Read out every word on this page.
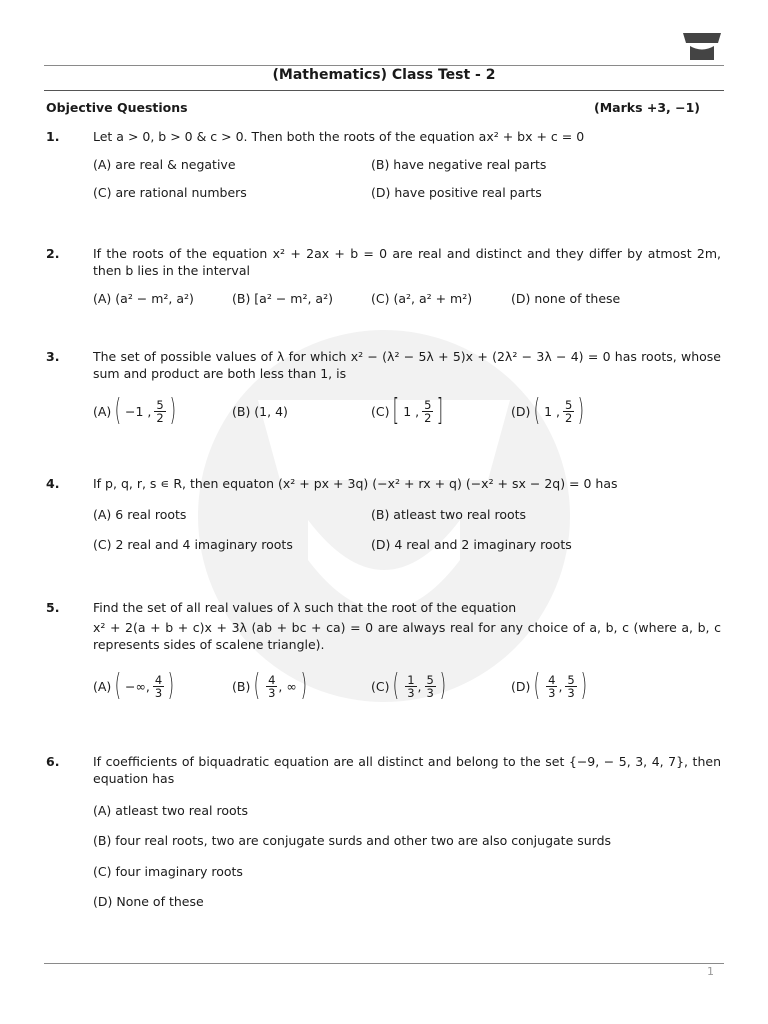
(Mathematics) Class Test - 2
Objective Questions	(Marks +3, −1)
1.	Let a > 0, b > 0 & c > 0. Then both the roots of the equation ax² + bx + c = 0
(A) are real & negative	(B) have negative real parts
(C) are rational numbers	(D) have positive real parts
2.	If the roots of the equation x² + 2ax + b = 0 are real and distinct and they differ by atmost 2m, then b lies in the interval
(A) (a² − m², a²)	(B) [a² − m², a²)	(C) (a², a² + m²)	(D) none of these
3.	The set of possible values of λ for which x² − (λ² − 5λ + 5)x + (2λ² − 3λ − 4) = 0 has roots, whose sum and product are both less than 1, is
(A) ( −1 , $\frac{5}{2}$ )	(B) (1, 4)	(C) [ 1 , $\frac{5}{2}$ ]	(D) ( 1 , $\frac{5}{2}$ )
4.	If p, q, r, s ∊ R, then equaton (x² + px + 3q) (−x² + rx + q) (−x² + sx − 2q) = 0 has
(A) 6 real roots	(B) atleast two real roots
(C) 2 real and 4 imaginary roots	(D) 4 real and 2 imaginary roots
5.	Find the set of all real values of λ such that the root of the equation
x² + 2(a + b + c)x + 3λ (ab + bc + ca) = 0 are always real for any choice of a, b, c (where a, b, c represents sides of scalene triangle).
(A) ( −∞, $\frac{4}{3}$ )	(B) ( $\frac{4}{3}$ , ∞ )	(C) ( $\frac{1}{3}$ , $\frac{5}{3}$ )	(D) ( $\frac{4}{3}$ , $\frac{5}{3}$ )
6.	If coefficients of biquadratic equation are all distinct and belong to the set {−9, − 5, 3, 4, 7}, then equation has
(A) atleast two real roots
(B) four real roots, two are conjugate surds and other two are also conjugate surds
(C) four imaginary roots
(D) None of these
1
